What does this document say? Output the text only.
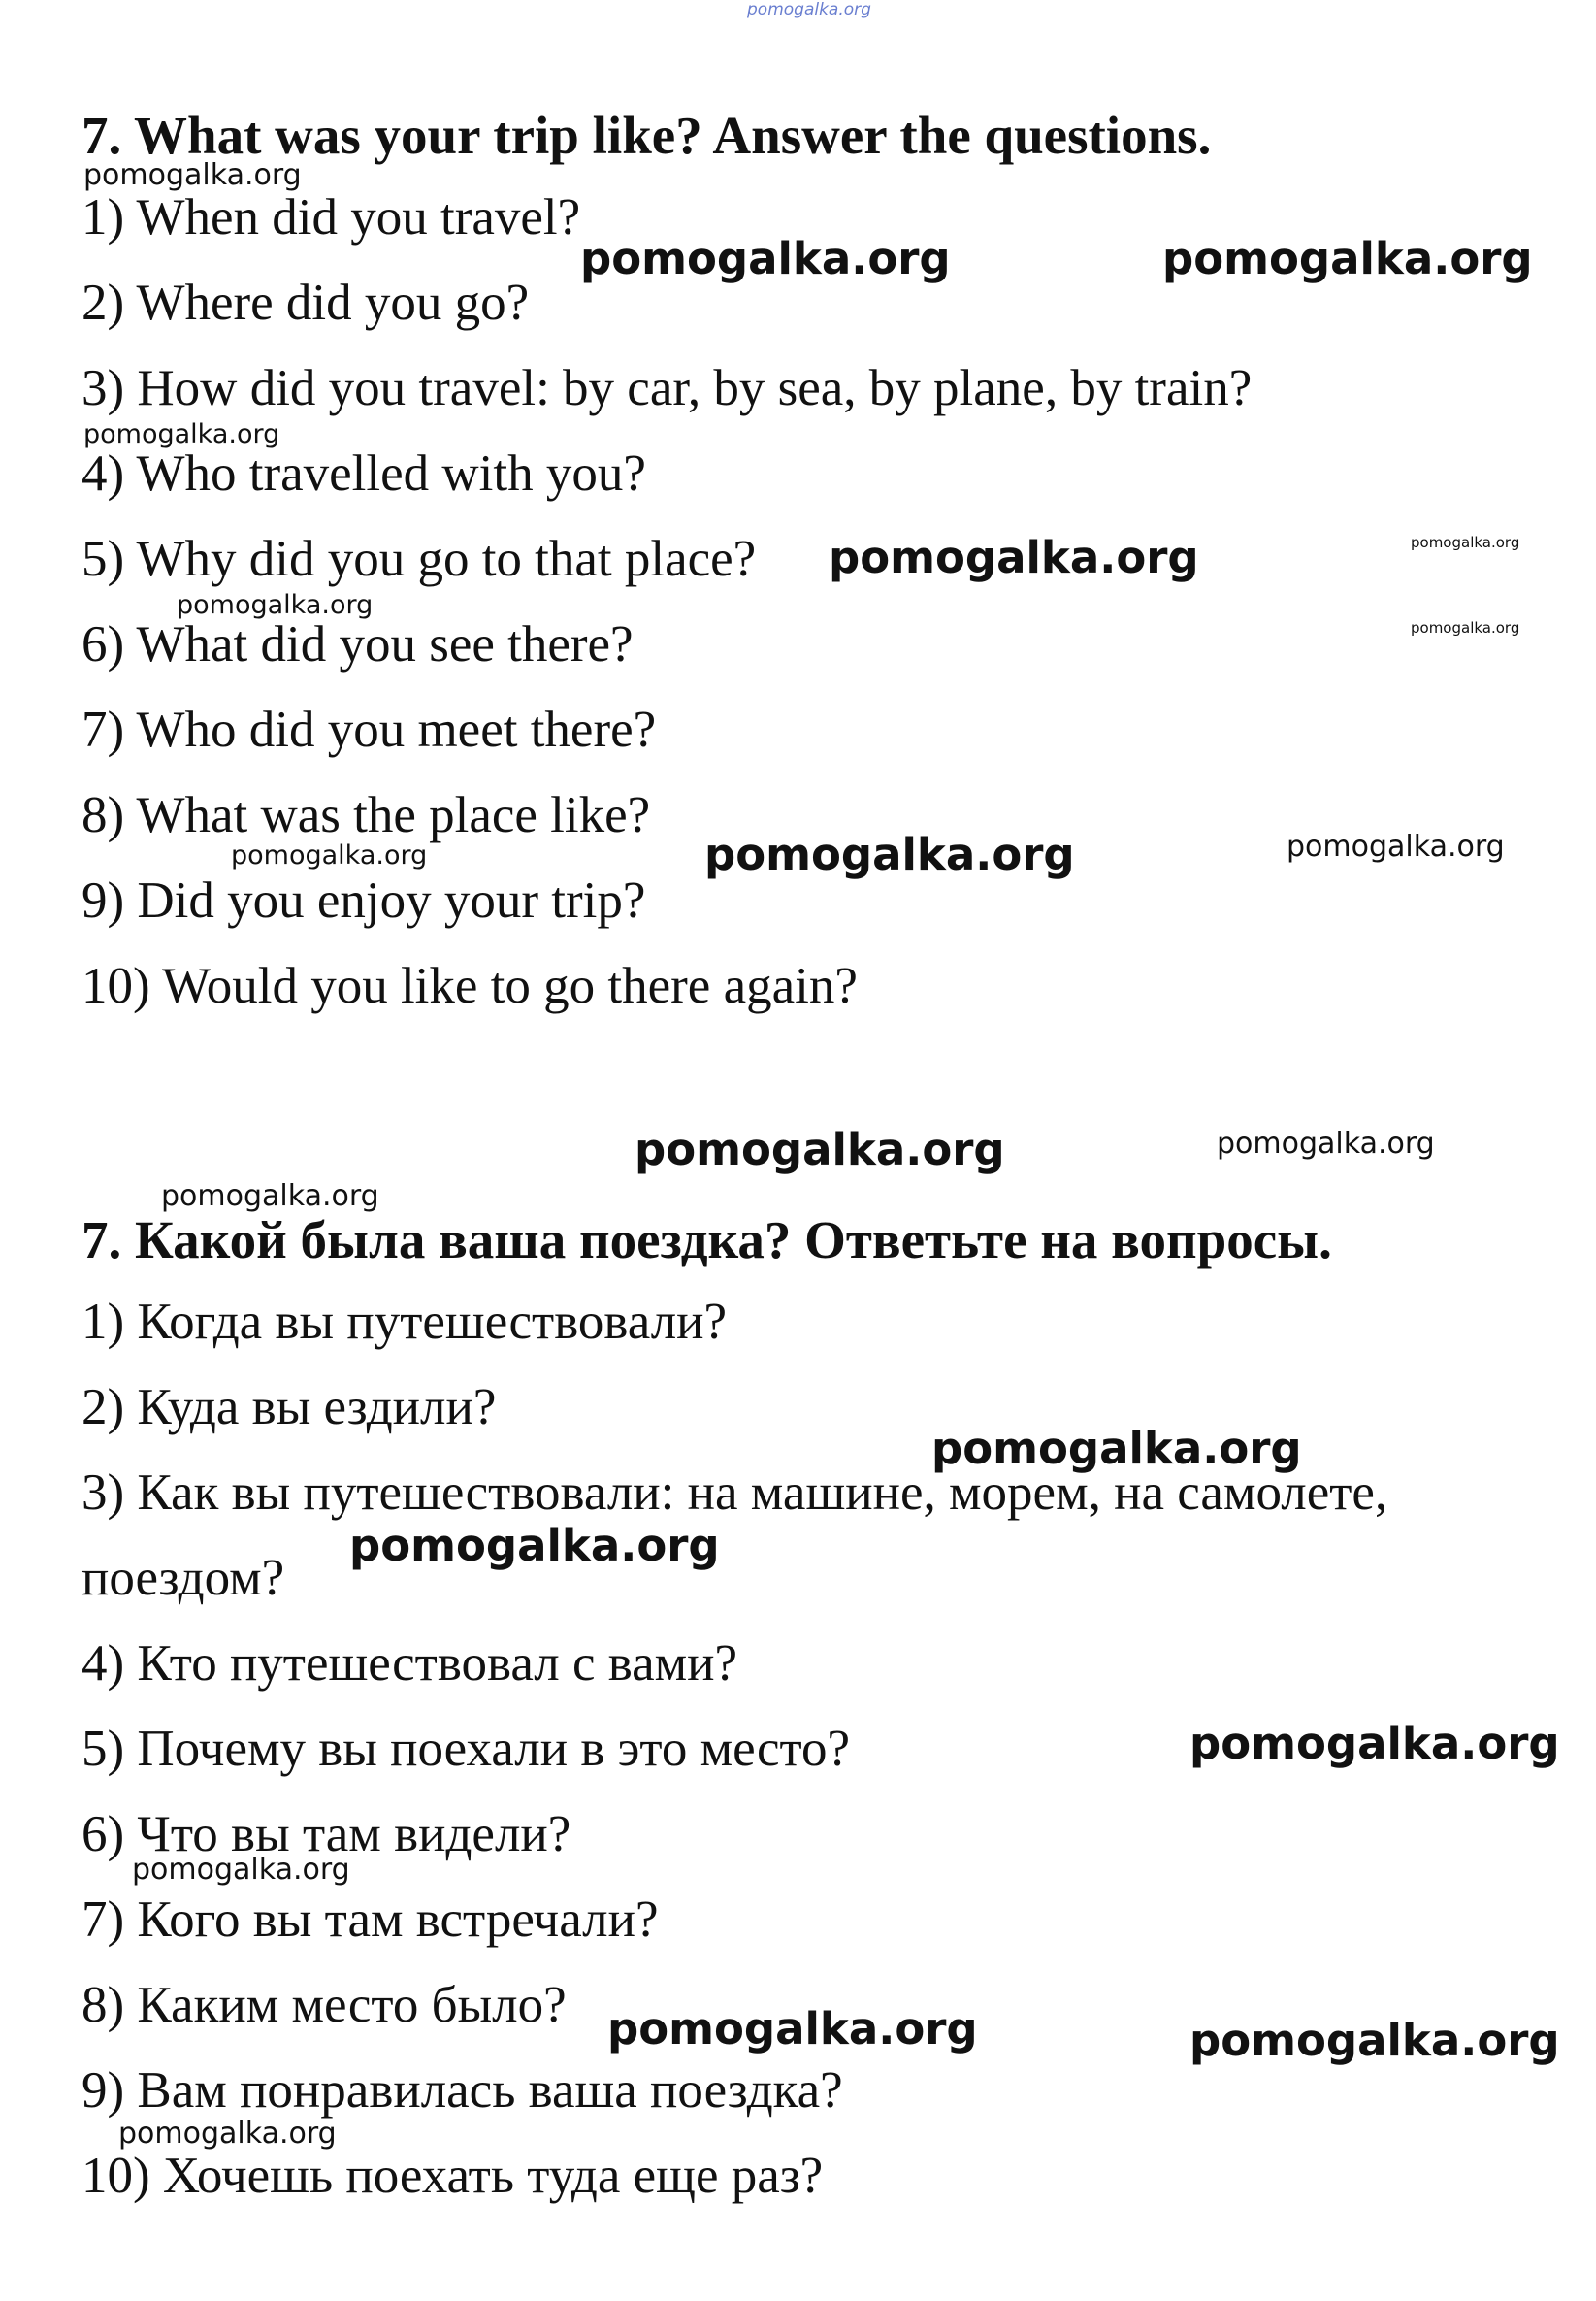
pomogalka.org
7. What was your trip like? Answer the questions.
1) When did you travel?
2) Where did you go?
3) How did you travel: by car, by sea, by plane, by train?
4) Who travelled with you?
5) Why did you go to that place?
6) What did you see there?
7) Who did you meet there?
8) What was the place like?
9) Did you enjoy your trip?
10) Would you like to go there again?
7. Какой была ваша поездка? Ответьте на вопросы.
1) Когда вы путешествовали?
2) Куда вы ездили?
3) Как вы путешествовали: на машине, морем, на самолете,
поездом?
4) Кто путешествовал с вами?
5) Почему вы поехали в это место?
6) Что вы там видели?
7) Кого вы там встречали?
8) Каким место было?
9) Вам понравилась ваша поездка?
10) Хочешь поехать туда еще раз?
pomogalka.org
pomogalka.org	pomogalka.org
pomogalka.org
pomogalka.org	pomogalka.org
pomogalka.org
pomogalka.org
pomogalka.org	pomogalka.org	pomogalka.org
pomogalka.org	pomogalka.org
pomogalka.org
pomogalka.org
pomogalka.org
pomogalka.org
pomogalka.org
pomogalka.org	pomogalka.org
pomogalka.org
